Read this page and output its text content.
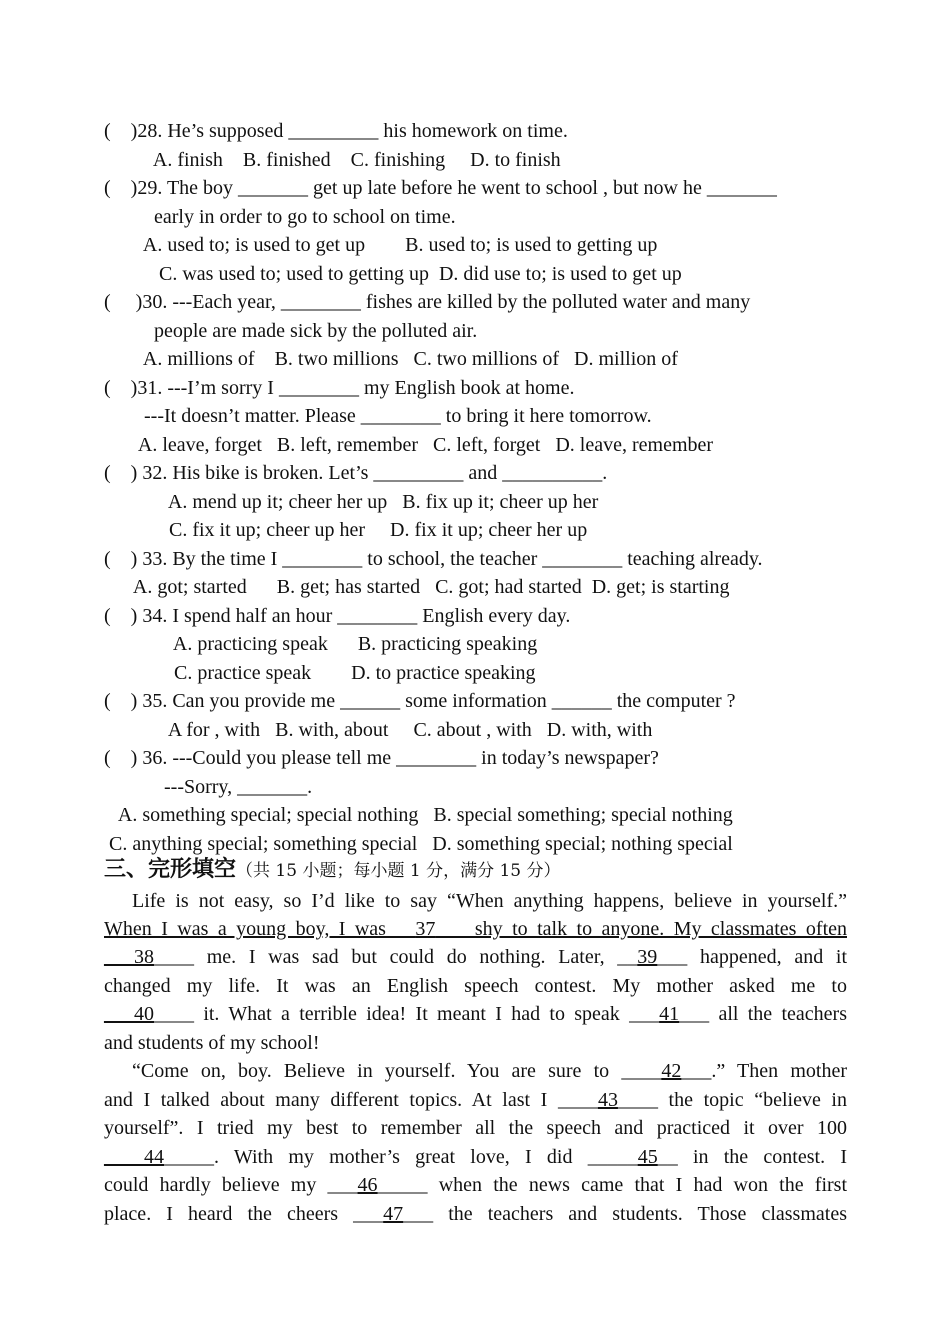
(    )28. He’s supposed _________ his homework on time.
A. finish    B. finished    C. finishing     D. to finish
(    )29. The boy _______ get up late before he went to school , but now he _______
early in order to go to school on time.
A. used to; is used to get up        B. used to; is used to getting up
C. was used to; used to getting up  D. did use to; is used to get up
(     )30. ---Each year, ________ fishes are killed by the polluted water and many
people are made sick by the polluted air.
A. millions of    B. two millions   C. two millions of   D. million of
(    )31. ---I’m sorry I ________ my English book at home.
---It doesn’t matter. Please ________ to bring it here tomorrow.
A. leave, forget   B. left, remember   C. left, forget   D. leave, remember
(    ) 32. His bike is broken. Let’s _________ and __________.
A. mend up it; cheer her up   B. fix up it; cheer up her
C. fix it up; cheer up her     D. fix it up; cheer her up
(    ) 33. By the time I ________ to school, the teacher ________ teaching already.
A. got; started      B. get; has started   C. got; had started  D. get; is starting
(    ) 34. I spend half an hour ________ English every day.
A. practicing speak      B. practicing speaking
C. practice speak        D. to practice speaking
(    ) 35. Can you provide me ______ some information ______ the computer ?
A for , with   B. with, about     C. about , with   D. with, with
(    ) 36. ---Could you please tell me ________ in today’s newspaper?
---Sorry, _______.
A. something special; special nothing   B. special something; special nothing
C. anything special; something special   D. something special; nothing special
三、完形填空（共 15 小题；每小题 1 分，满分 15 分）
Life is not easy, so I’d like to say “When anything happens, believe in yourself.”
When I was a young boy, I was __37___ shy to talk to anyone. My classmates often
___38____ me. I was sad but could do nothing. Later, __39___ happened, and it
changed my life. It was an English speech contest. My mother asked me to
___40____ it. What a terrible idea! It meant I had to speak ___41___ all the teachers
and students of my school!
“Come on, boy. Believe in yourself. You are sure to ____42___.” Then mother
and I talked about many different topics. At last I ____43____ the topic “believe in
yourself”. I tried my best to remember all the speech and practiced it over 100
____44_____. With my mother’s great love, I did _____45__ in the contest. I
could hardly believe my ___46_____ when the news came that I had won the first
place. I heard the cheers ___47___ the teachers and students. Those classmates
